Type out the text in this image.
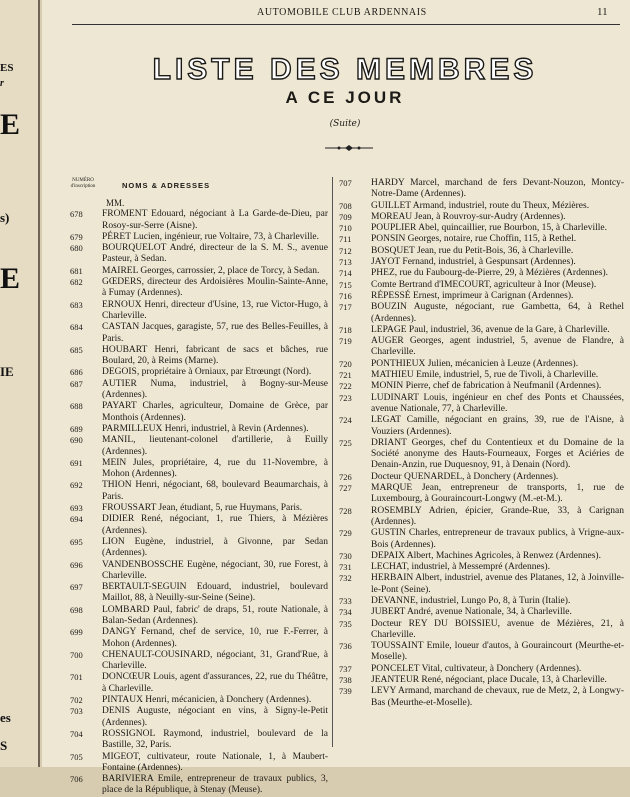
ES
r
E
s)
E
IE
es
S
AUTOMOBILE CLUB ARDENNAIS	11
LISTE DES MEMBRES
A CE JOUR
(Suite)
NUMÉRO d'inscription	NOMS & ADRESSES
MM.
678	FROMENT Edouard, négociant à La Garde-de-Dieu, par Rosoy-sur-Serre (Aisne).
679	PÉRET Lucien, ingénieur, rue Voltaire, 73, à Charleville.
680	BOURQUELOT André, directeur de la S. M. S., avenue Pasteur, à Sedan.
681	MAIREL Georges, carrossier, 2, place de Torcy, à Sedan.
682	GŒDERS, directeur des Ardoisières Moulin-Sainte-Anne, à Fumay (Ardennes).
683	ERNOUX Henri, directeur d'Usine, 13, rue Victor-Hugo, à Charleville.
684	CASTAN Jacques, garagiste, 57, rue des Belles-Feuilles, à Paris.
685	HOUBART Henri, fabricant de sacs et bâches, rue Boulard, 20, à Reims (Marne).
686	DEGOIS, propriétaire à Orniaux, par Etrœungt (Nord).
687	AUTIER Numa, industriel, à Bogny-sur-Meuse (Ardennes).
688	PAYART Charles, agriculteur, Domaine de Grèce, par Monthois (Ardennes).
689	PARMILLEUX Henri, industriel, à Revin (Ardennes).
690	MANIL, lieutenant-colonel d'artillerie, à Euilly (Ardennes).
691	MEIN Jules, propriétaire, 4, rue du 11-Novembre, à Mohon (Ardennes).
692	THION Henri, négociant, 68, boulevard Beaumarchais, à Paris.
693	FROUSSART Jean, étudiant, 5, rue Huymans, Paris.
694	DIDIER René, négociant, 1, rue Thiers, à Mézières (Ardennes).
695	LION Eugène, industriel, à Givonne, par Sedan (Ardennes).
696	VANDENBOSSCHE Eugène, négociant, 30, rue Forest, à Charleville.
697	BERTAULT-SEGUIN Edouard, industriel, boulevard Maillot, 88, à Neuilly-sur-Seine (Seine).
698	LOMBARD Paul, fabric' de draps, 51, route Nationale, à Balan-Sedan (Ardennes).
699	DANGY Fernand, chef de service, 10, rue F.-Ferrer, à Mohon (Ardennes).
700	CHENAULT-COUSINARD, négociant, 31, Grand'Rue, à Charleville.
701	DONCŒUR Louis, agent d'assurances, 22, rue du Théâtre, à Charleville.
702	PINTAUX Henri, mécanicien, à Donchery (Ardennes).
703	DENIS Auguste, négociant en vins, à Signy-le-Petit (Ardennes).
704	ROSSIGNOL Raymond, industriel, boulevard de la Bastille, 32, Paris.
705	MIGEOT, cultivateur, route Nationale, 1, à Maubert-Fontaine (Ardennes).
706	BARIVIERA Emile, entrepreneur de travaux publics, 3, place de la République, à Stenay (Meuse).
707	HARDY Marcel, marchand de fers Devant-Nouzon, Montcy-Notre-Dame (Ardennes).
708	GUILLET Armand, industriel, route du Theux, Mézières.
709	MOREAU Jean, à Rouvroy-sur-Audry (Ardennes).
710	POUPLIER Abel, quincaillier, rue Bourbon, 15, à Charleville.
711	PONSIN Georges, notaire, rue Choffin, 115, à Rethel.
712	BOSQUET Jean, rue du Petit-Bois, 36, à Charleville.
713	JAYOT Fernand, industriel, à Gespunsart (Ardennes).
714	PHEZ, rue du Faubourg-de-Pierre, 29, à Mézières (Ardennes).
715	Comte Bertrand d'IMECOURT, agriculteur à Inor (Meuse).
716	RÉPESSÉ Ernest, imprimeur à Carignan (Ardennes).
717	BOUZIN Auguste, négociant, rue Gambetta, 64, à Rethel (Ardennes).
718	LEPAGE Paul, industriel, 36, avenue de la Gare, à Charleville.
719	AUGER Georges, agent industriel, 5, avenue de Flandre, à Charleville.
720	PONTHIEUX Julien, mécanicien à Leuze (Ardennes).
721	MATHIEU Emile, industriel, 5, rue de Tivoli, à Charleville.
722	MONIN Pierre, chef de fabrication à Neufmanil (Ardennes).
723	LUDINART Louis, ingénieur en chef des Ponts et Chaussées, avenue Nationale, 77, à Charleville.
724	LEGAT Camille, négociant en grains, 39, rue de l'Aisne, à Vouziers (Ardennes).
725	DRIANT Georges, chef du Contentieux et du Domaine de la Société anonyme des Hauts-Fourneaux, Forges et Aciéries de Denain-Anzin, rue Duquesnoy, 91, à Denain (Nord).
726	Docteur QUENARDEL, à Donchery (Ardennes).
727	MARQUE Jean, entrepreneur de transports, 1, rue de Luxembourg, à Gouraincourt-Longwy (M.-et-M.).
728	ROSEMBLY Adrien, épicier, Grande-Rue, 33, à Carignan (Ardennes).
729	GUSTIN Charles, entrepreneur de travaux publics, à Vrigne-aux-Bois (Ardennes).
730	DEPAIX Albert, Machines Agricoles, à Renwez (Ardennes).
731	LECHAT, industriel, à Messempré (Ardennes).
732	HERBAIN Albert, industriel, avenue des Platanes, 12, à Joinville-le-Pont (Seine).
733	DEVANNE, industriel, Lungo Po, 8, à Turin (Italie).
734	JUBERT André, avenue Nationale, 34, à Charleville.
735	Docteur REY DU BOISSIEU, avenue de Mézières, 21, à Charleville.
736	TOUSSAINT Emile, loueur d'autos, à Gouraincourt (Meurthe-et-Moselle).
737	PONCELET Vital, cultivateur, à Donchery (Ardennes).
738	JEANTEUR René, négociant, place Ducale, 13, à Charleville.
739	LEVY Armand, marchand de chevaux, rue de Metz, 2, à Longwy-Bas (Meurthe-et-Moselle).
